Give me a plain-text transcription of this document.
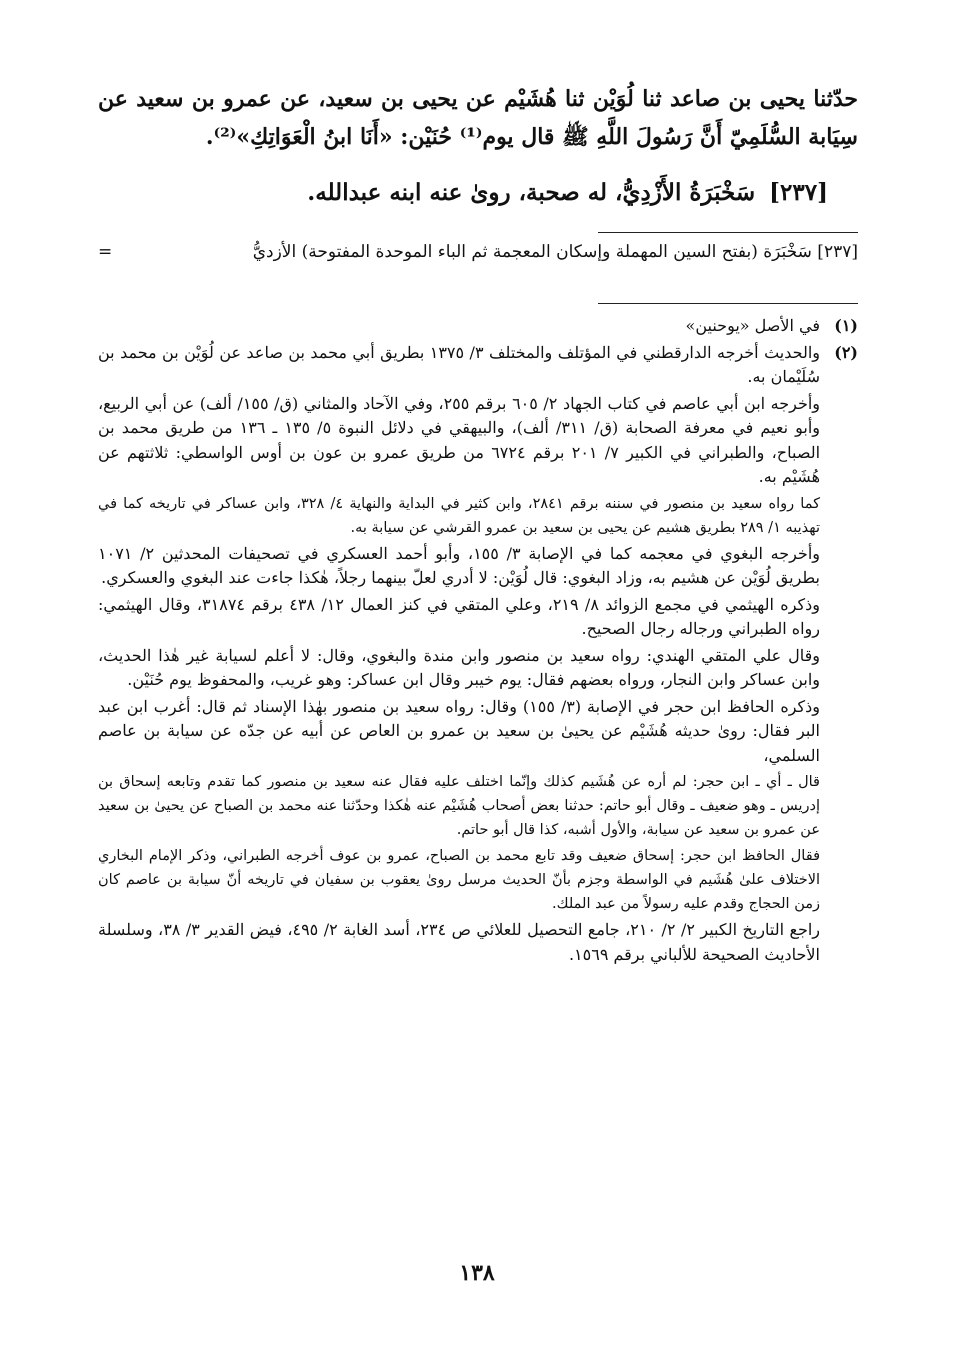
حدّثنا يحيى بن صاعد ثنا لُوَيْن ثنا هُشَيْم عن يحيى بن سعيد، عن عمرو بن سعيد عن سِيَابة السُّلَمِيّ أَنَّ رَسُولَ اللَّهِ ﷺ قال يوم⁽¹⁾ حُنَيْن: «أَنَا ابنُ الْعَوَاتِكِ»⁽²⁾.

[٢٣٧] سَخْبَرَةُ الأَزْدِيُّ، له صحبة، روىٰ عنه ابنه عبدالله.
[٢٣٧] سَخْبَرَة (بفتح السين المهملة وإسكان المعجمة ثم الباء الموحدة المفتوحة) الأزديُّ
=
(١)

في الأصل «يوحنين»

(٢)

والحديث أخرجه الدارقطني في المؤتلف والمختلف ٣/ ١٣٧٥ بطريق أبي محمد بن صاعد عن لُوَيْن بن محمد بن سُلَيْمان به.

وأخرجه ابن أبي عاصم في كتاب الجهاد ٢/ ٦٠٥ برقم ٢٥٥، وفي الآحاد والمثاني (ق/ ١٥٥/ ألف) عن أبي الربيع، وأبو نعيم في معرفة الصحابة (ق/ ٣١١/ ألف)، والبيهقي في دلائل النبوة ٥/ ١٣٥ ـ ١٣٦ من طريق محمد بن الصباح، والطبراني في الكبير ٧/ ٢٠١ برقم ٦٧٢٤ من طريق عمرو بن عون بن أوس الواسطي: ثلاثتهم عن هُشَيْم به.

كما رواه سعيد بن منصور في سننه برقم ٢٨٤١، وابن كثير في البداية والنهاية ٤/ ٣٢٨، وابن عساكر في تاريخه كما في تهذيبه ١/ ٢٨٩ بطريق هشيم عن يحيى بن سعيد بن عمرو القرشي عن سيابة به.

وأخرجه البغوي في معجمه كما في الإصابة ٣/ ١٥٥، وأبو أحمد العسكري في تصحيفات المحدثين ٢/ ١٠٧١ بطريق لُوَيْن عن هشيم به، وزاد البغوي: قال لُوَيْن: لا أدري لعلّ بينهما رجلاً، هٰكذا جاءت عند البغوي والعسكري.

وذكره الهيثمي في مجمع الزوائد ٨/ ٢١٩، وعلي المتقي في كنز العمال ١٢/ ٤٣٨ برقم ٣١٨٧٤، وقال الهيثمي: رواه الطبراني ورجاله رجال الصحيح.

وقال علي المتقي الهندي: رواه سعيد بن منصور وابن مندة والبغوي، وقال: لا أعلم لسيابة غير هٰذا الحديث، وابن عساكر وابن النجار، ورواه بعضهم فقال: يوم خيبر وقال ابن عساكر: وهو غريب، والمحفوظ يوم حُنَيْن.

وذكره الحافظ ابن حجر في الإصابة (٣/ ١٥٥) وقال: رواه سعيد بن منصور بهٰذا الإسناد ثم قال: أغرب ابن عبد البر فقال: روىٰ حديثه هُشَيْم عن يحيىٰ بن سعيد بن عمرو بن العاص عن أبيه عن جدّه عن سيابة بن عاصم السلمي،

قال ـ أي ـ ابن حجر: لم أره عن هُشَيم كذلك وإنّما اختلف عليه فقال عنه سعيد بن منصور كما تقدم وتابعه إسحاق بن إدريس ـ وهو ضعيف ـ وقال أبو حاتم: حدثنا بعض أصحاب هُشَيْم عنه هٰكذا وحدّثنا عنه محمد بن الصباح عن يحيىٰ بن سعيد عن عمرو بن سعيد عن سيابة، والأول أشبه، كذا قال أبو حاتم.

فقال الحافظ ابن حجر: إسحاق ضعيف وقد تابع محمد بن الصباح، عمرو بن عوف أخرجه الطبراني، وذكر الإمام البخاري الاختلاف علىٰ هُشَيم في الواسطة وجزم بأنّ الحديث مرسل روىٰ يعقوب بن سفيان في تاريخه أنّ سيابة بن عاصم كان زمن الحجاج وقدم عليه رسولاً من عبد الملك.

راجع التاريخ الكبير ٢/ ٢/ ٢١٠، جامع التحصيل للعلائي ص ٢٣٤، أسد الغابة ٢/ ٤٩٥، فيض القدير ٣/ ٣٨، وسلسلة الأحاديث الصحيحة للألباني برقم ١٥٦٩.

١٣٨
